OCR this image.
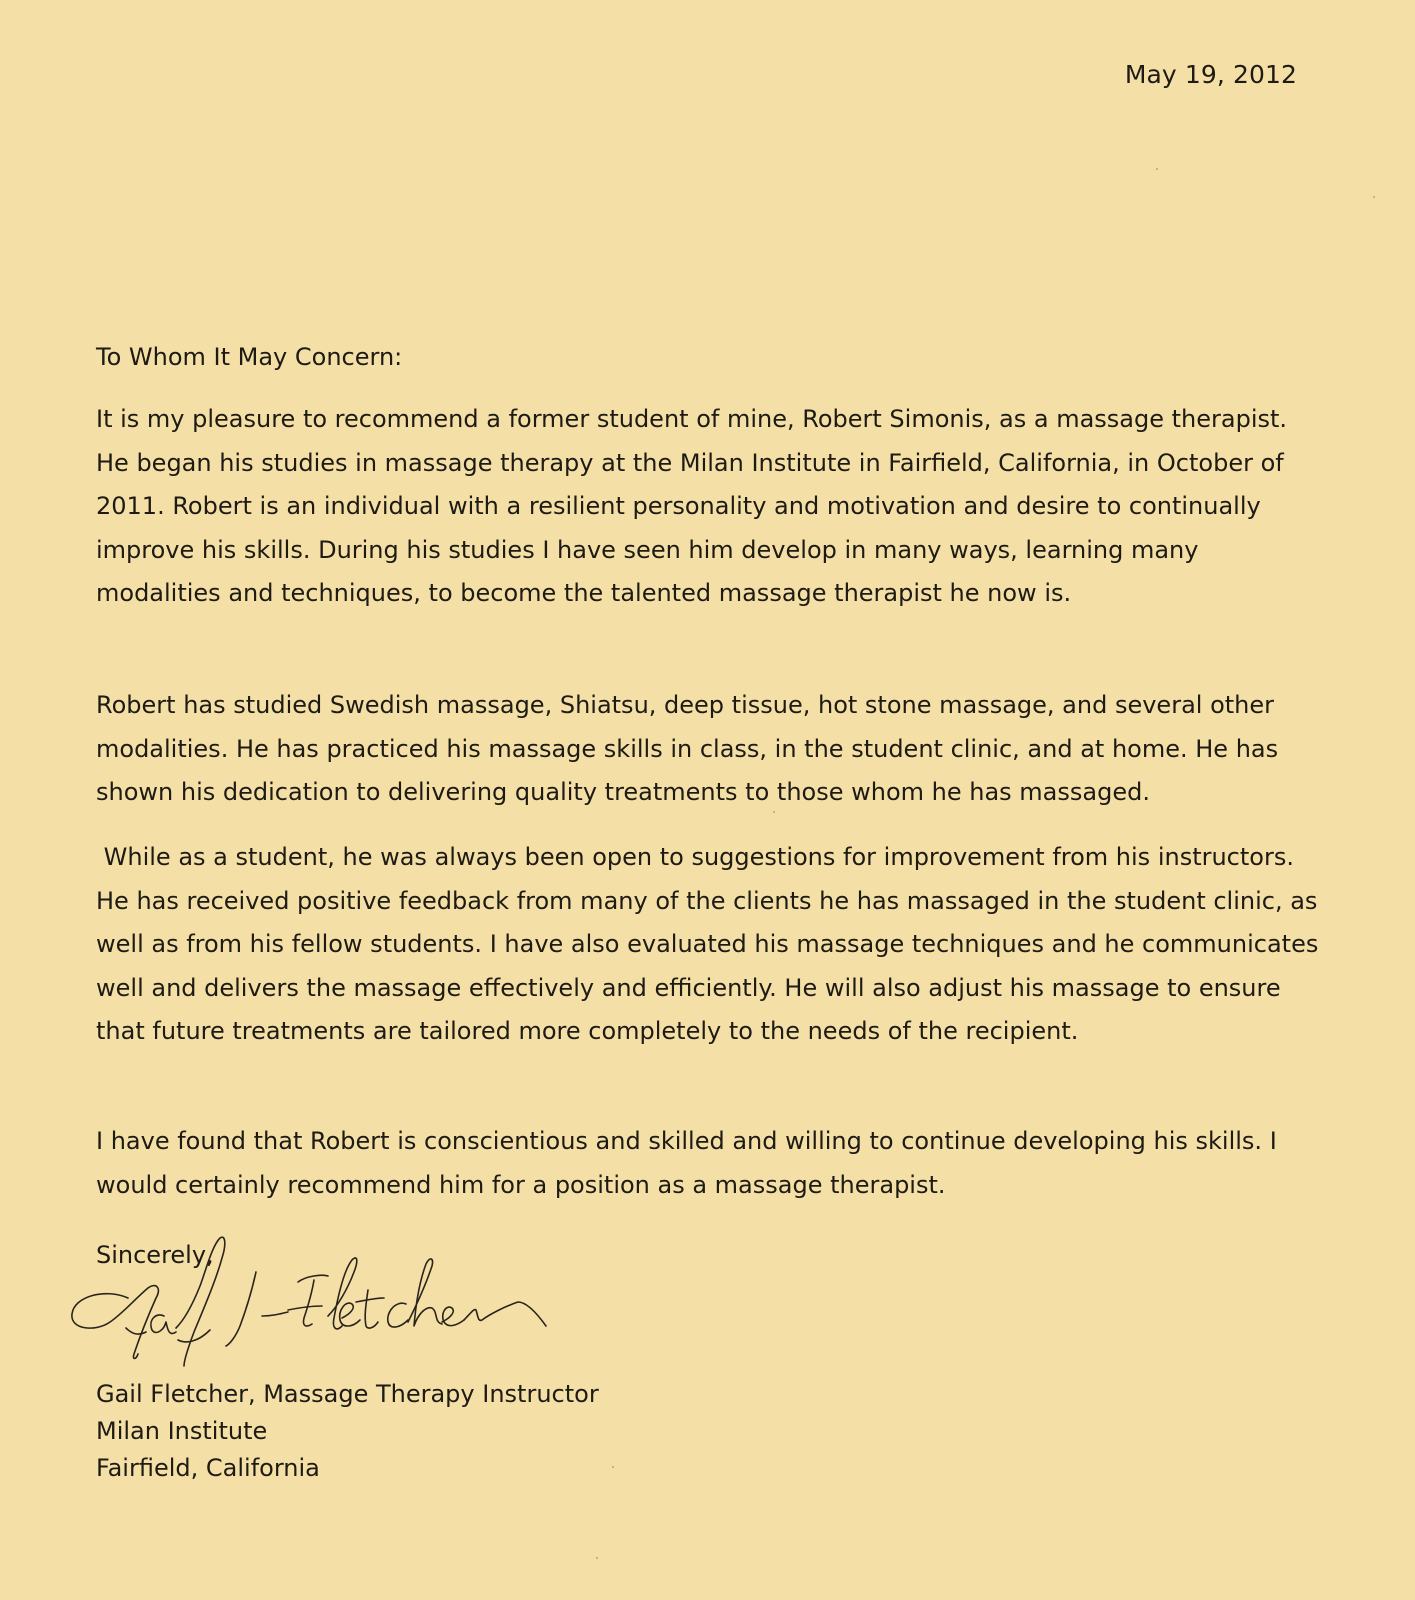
May 19, 2012
To Whom It May Concern:

It is my pleasure to recommend a former student of mine, Robert Simonis, as a massage therapist. He began his studies in massage therapy at the Milan Institute in Fairfield, California, in October of 2011. Robert is an individual with a resilient personality and motivation and desire to continually improve his skills. During his studies I have seen him develop in many ways, learning many modalities and techniques, to become the talented massage therapist he now is.

Robert has studied Swedish massage, Shiatsu, deep tissue, hot stone massage, and several other modalities. He has practiced his massage skills in class, in the student clinic, and at home. He has shown his dedication to delivering quality treatments to those whom he has massaged.

While as a student, he was always been open to suggestions for improvement from his instructors. He has received positive feedback from many of the clients he has massaged in the student clinic, as well as from his fellow students. I have also evaluated his massage techniques and he communicates well and delivers the massage effectively and efficiently. He will also adjust his massage to ensure that future treatments are tailored more completely to the needs of the recipient.

I have found that Robert is conscientious and skilled and willing to continue developing his skills. I would certainly recommend him for a position as a massage therapist.

Sincerely,
Gail Fletcher, Massage Therapy Instructor
Milan Institute
Fairfield, California
